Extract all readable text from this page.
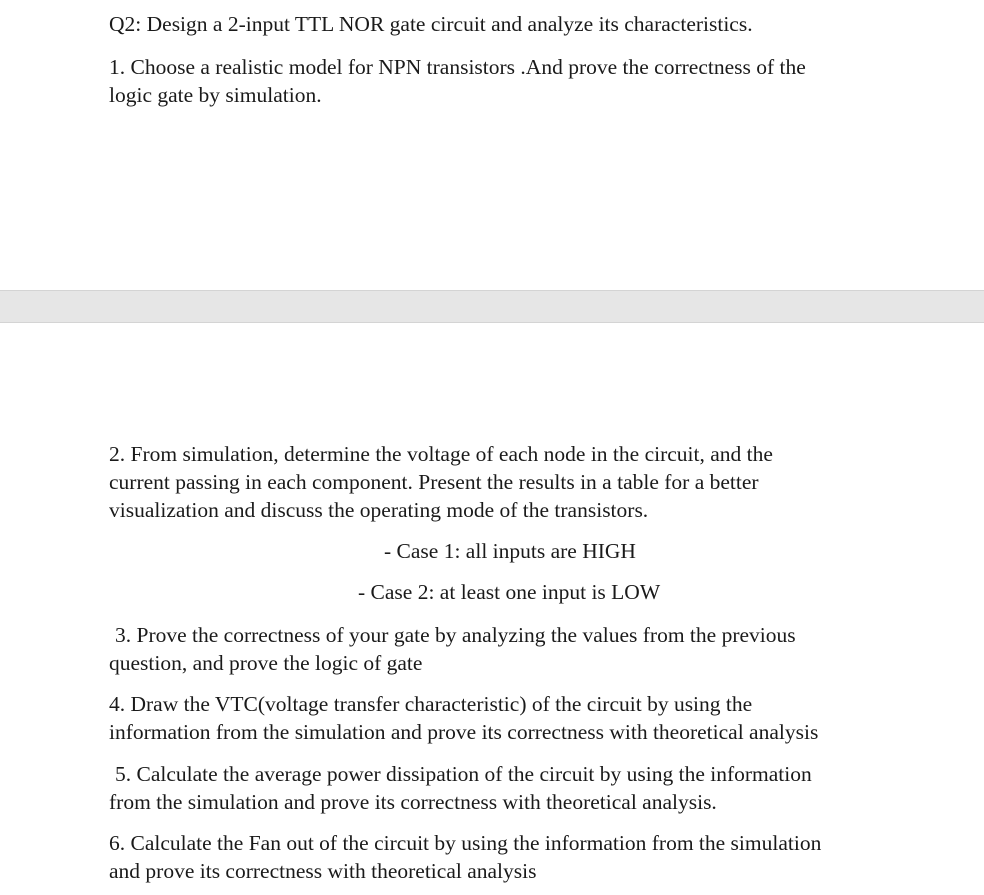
Q2: Design a 2-input TTL NOR gate circuit and analyze its characteristics.

1. Choose a realistic model for NPN transistors .And prove the correctness of the

logic gate by simulation.

2. From simulation, determine the voltage of each node in the circuit, and the

current passing in each component. Present the results in a table for a better

visualization and discuss the operating mode of the transistors.

- Case 1: all inputs are HIGH

- Case 2: at least one input is LOW

3. Prove the correctness of your gate by analyzing the values from the previous

question, and prove the logic of gate

4. Draw the VTC(voltage transfer characteristic) of the circuit by using the

information from the simulation and prove its correctness with theoretical analysis

5. Calculate the average power dissipation of the circuit by using the information

from the simulation and prove its correctness with theoretical analysis.

6. Calculate the Fan out of the circuit by using the information from the simulation

and prove its correctness with theoretical analysis
